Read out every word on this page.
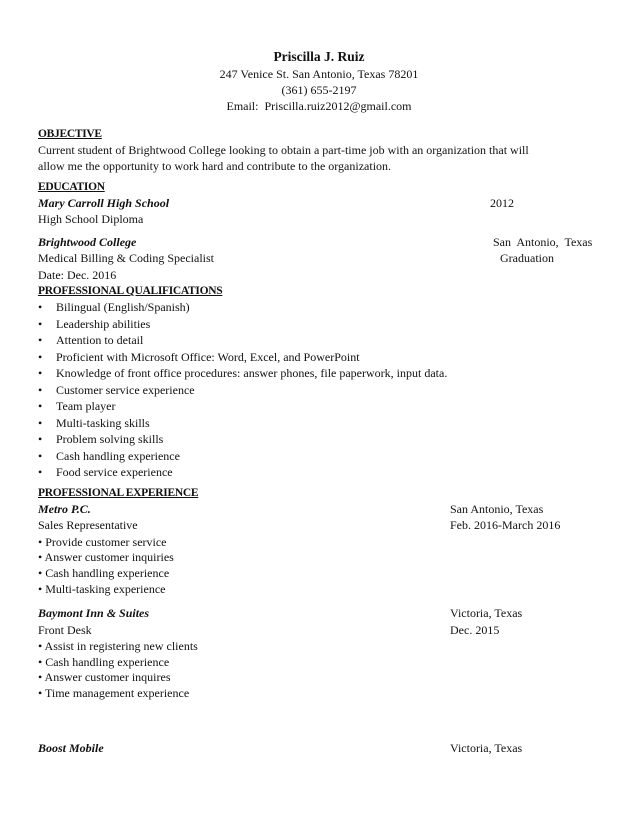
Priscilla J. Ruiz
247 Venice St. San Antonio, Texas 78201
(361) 655-2197
Email: Priscilla.ruiz2012@gmail.com
OBJECTIVE
Current student of Brightwood College looking to obtain a part-time job with an organization that will
allow me the opportunity to work hard and contribute to the organization.
EDUCATION
Mary Carroll High School	2012
High School Diploma
Brightwood College	San  Antonio,  Texas
Medical Billing & Coding Specialist	Graduation
Date: Dec. 2016
PROFESSIONAL QUALIFICATIONS
• Bilingual (English/Spanish)
• Leadership abilities
• Attention to detail
• Proficient with Microsoft Office: Word, Excel, and PowerPoint
• Knowledge of front office procedures: answer phones, file paperwork, input data.
• Customer service experience
• Team player
• Multi-tasking skills
• Problem solving skills
• Cash handling experience
• Food service experience
PROFESSIONAL EXPERIENCE
Metro P.C.	San Antonio, Texas
Sales Representative	Feb. 2016-March 2016
• Provide customer service
• Answer customer inquiries
• Cash handling experience
• Multi-tasking experience
Baymont Inn & Suites	Victoria, Texas
Front Desk	Dec. 2015
• Assist in registering new clients
• Cash handling experience
• Answer customer inquires
• Time management experience
Boost Mobile	Victoria, Texas
